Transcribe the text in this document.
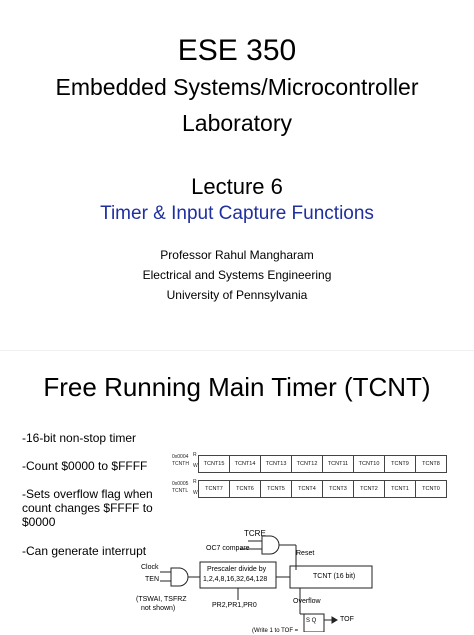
ESE 350
Embedded Systems/Microcontroller
Laboratory
Lecture 6
Timer & Input Capture Functions
Professor Rahul Mangharam
Electrical and Systems Engineering
University of Pennsylvania
Free Running Main Timer (TCNT)
-16-bit non-stop timer
-Count $0000 to $FFFF
-Sets overflow flag when count changes $FFFF to $0000
-Can generate interrupt
0x0004
TCNTH
R
W TCNT15	TCNT14	TCNT13	TCNT12	TCNT11	TCNT10	TCNT9	TCNT8
0x0005
TCNTL
R
W
TCNT7	TCNT6	TCNT5	TCNT4	TCNT3	TCNT2	TCNT1	TCNT0
TCRE
OC7 compare
Reset
Clock
TEN
Prescaler divide by
1,2,4,8,16,32,64,128	TCNT (16 bit)
(TSWAI, TSFRZ
not shown)	PR2,PR1,PR0
Overflow
S Q	TOF
(Write 1 to TOF =
